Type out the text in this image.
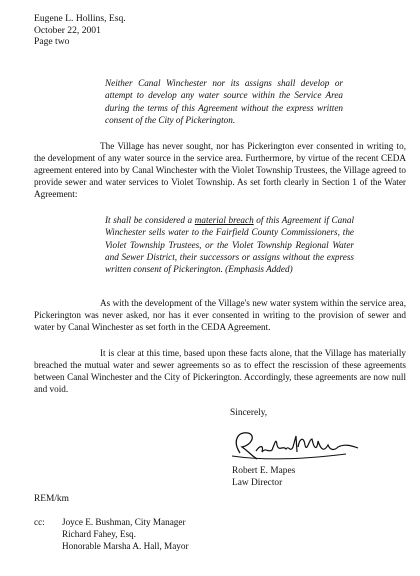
Eugene L. Hollins, Esq.
October 22, 2001
Page two
Neither Canal Winchester nor its assigns shall develop or attempt to develop any water source within the Service Area during the terms of this Agreement without the express written consent of the City of Pickerington.
The Village has never sought, nor has Pickerington ever consented in writing to, the development of any water source in the service area. Furthermore, by virtue of the recent CEDA agreement entered into by Canal Winchester with the Violet Township Trustees, the Village agreed to provide sewer and water services to Violet Township. As set forth clearly in Section 1 of the Water Agreement:
It shall be considered a material breach of this Agreement if Canal Winchester sells water to the Fairfield County Commissioners, the Violet Township Trustees, or the Violet Township Regional Water and Sewer District, their successors or assigns without the express written consent of Pickerington. (Emphasis Added)
As with the development of the Village's new water system within the service area, Pickerington was never asked, nor has it ever consented in writing to the provision of sewer and water by Canal Winchester as set forth in the CEDA Agreement.
It is clear at this time, based upon these facts alone, that the Village has materially breached the mutual water and sewer agreements so as to effect the rescission of these agreements between Canal Winchester and the City of Pickerington. Accordingly, these agreements are now null and void.
Sincerely,
Robert E. Mapes
Law Director
REM/km
cc: Joyce E. Bushman, City Manager
Richard Fahey, Esq.
Honorable Marsha A. Hall, Mayor
